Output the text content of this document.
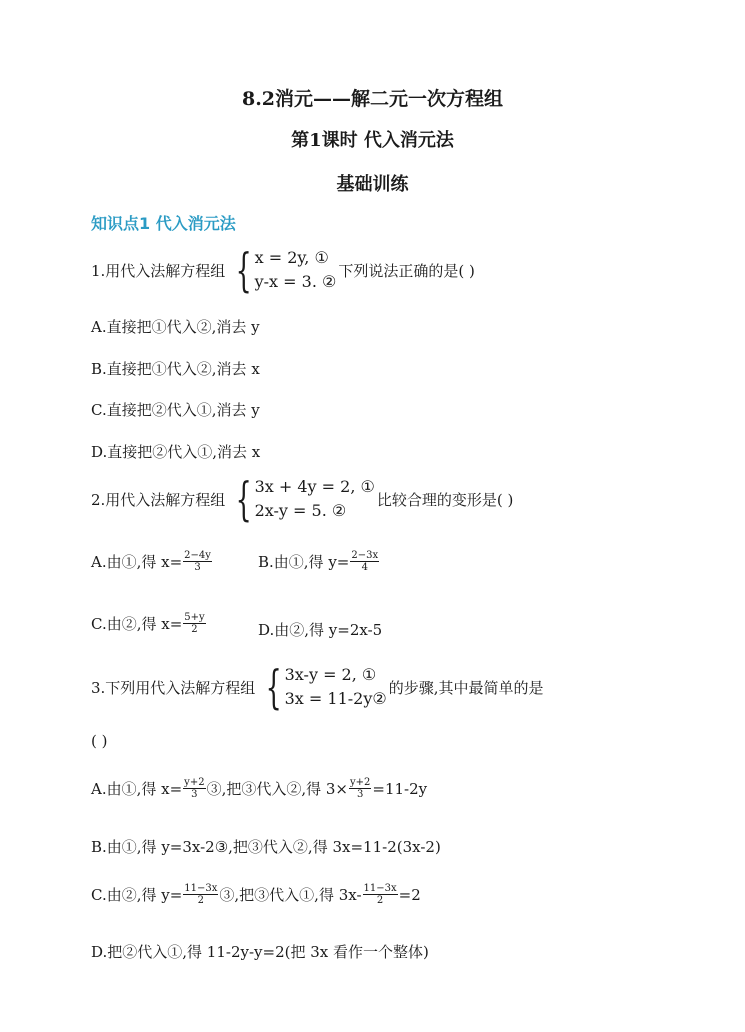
8.2消元——解二元一次方程组
第1课时 代入消元法
基础训练
知识点1 代入消元法
1.用代入法解方程组 { x = 2y, ①
y-x = 3. ②
下列说法正确的是( )
A.直接把①代入②,消去 y
B.直接把①代入②,消去 x
C.直接把②代入①,消去 y
D.直接把②代入①,消去 x
2.用代入法解方程组 { 3x + 4y = 2, ①
2x-y = 5. ②
比较合理的变形是( )
A.由①,得 $x= \frac{2-4y}{3}$	B.由①,得 $y= \frac{2-3x}{4}$
C.由②,得 $x= \frac{5+y}{2}$	D.由②,得 y=2x-5
3.下列用代入法解方程组 { 3x-y = 2, ①
3x = 11-2y②
的步骤,其中最简单的是
( )
A.由①,得 $x= \frac{y+2}{3}$ ③,把③代入②,得 $3\times \frac{y+2}{3} =11-2y$
B.由①,得 y=3x-2③,把③代入②,得 3x=11-2(3x-2)
C.由②,得 $y= \frac{11-3x}{2}$ ③,把③代入①,得 $3x- \frac{11-3x}{2} =2$
D.把②代入①,得 11-2y-y=2(把 3x 看作一个整体)
